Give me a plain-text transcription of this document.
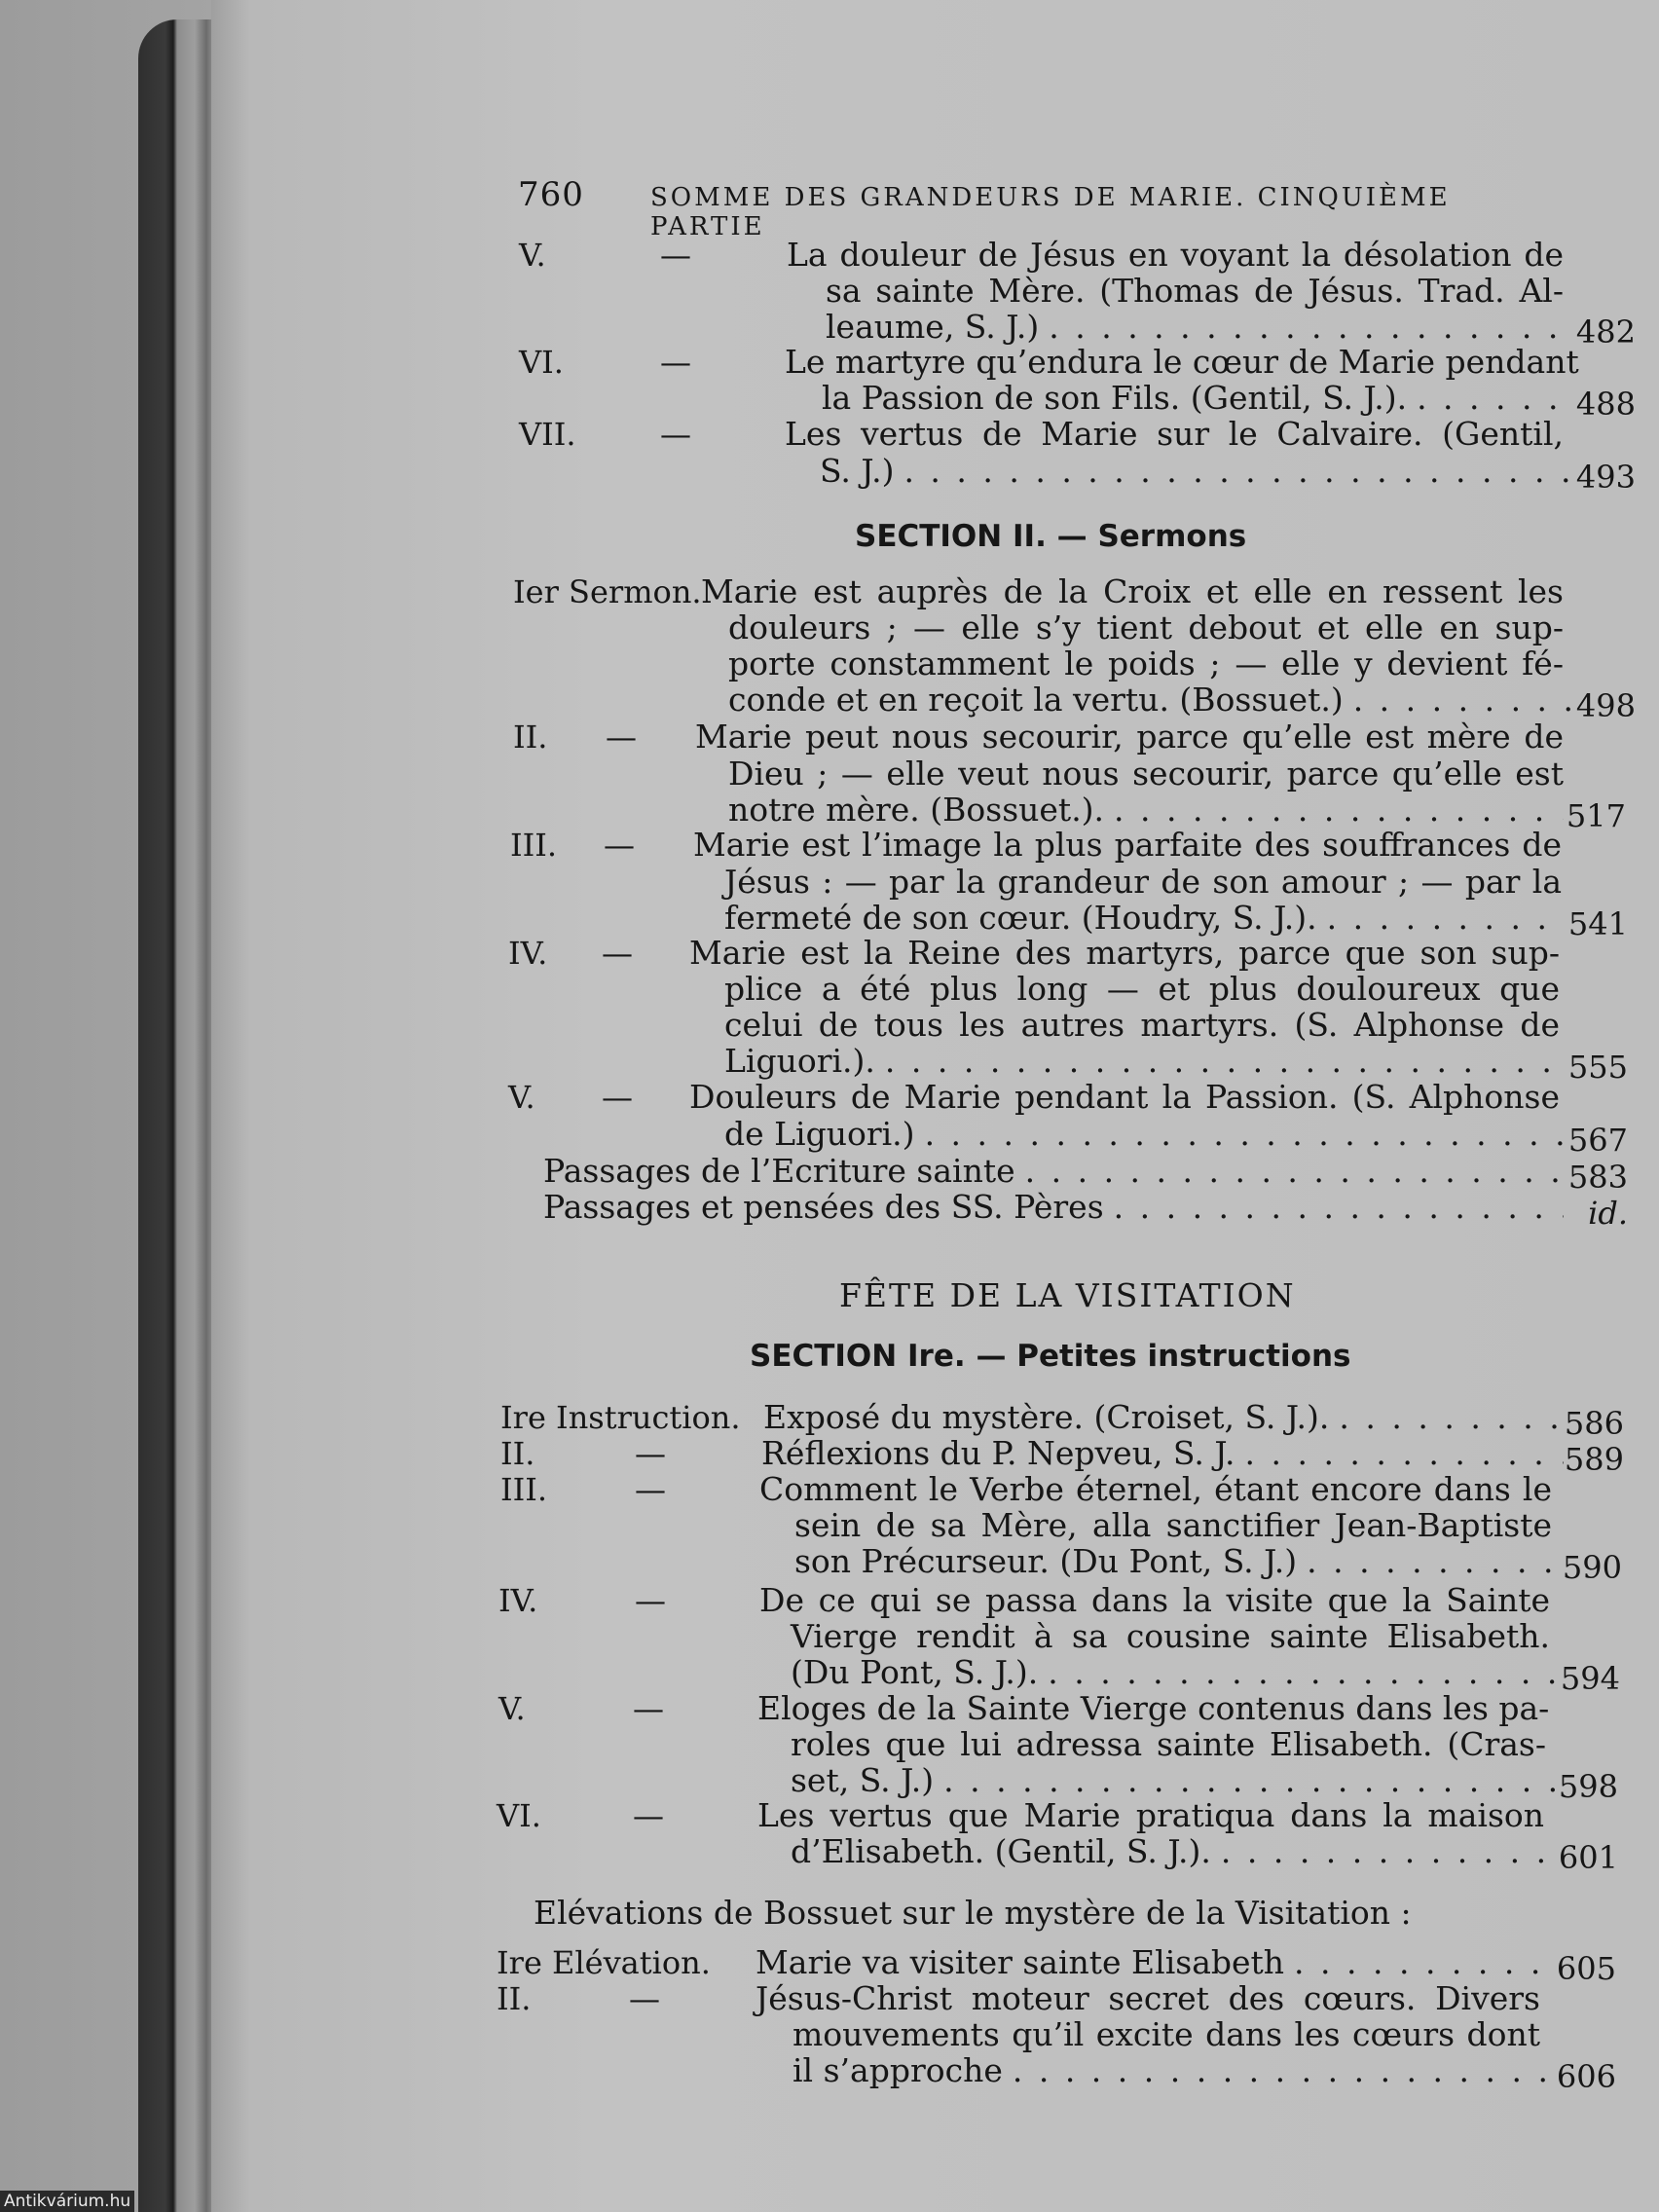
760	SOMME DES GRANDEURS DE MARIE. CINQUIÈME PARTIE
V.	—	La douleur de Jésus en voyant la désolation de
sa sainte Mère. (Thomas de Jésus. Trad. Al-
leaume, S. J.) . . .	482
VI.	—	Le martyre qu’endura le cœur de Marie pendant
la Passion de son Fils. (Gentil, S. J.). . . .	488
VII.	—	Les vertus de Marie sur le Calvaire. (Gentil,
S. J.) . . .	493
SECTION II. — Sermons
Ier Sermon. Marie est auprès de la Croix et elle en ressent les
douleurs ; — elle s’y tient debout et elle en sup-
porte constamment le poids ; — elle y devient fé-
conde et en reçoit la vertu. (Bossuet.) . . .	498
II. — Marie peut nous secourir, parce qu’elle est mère de
Dieu ; — elle veut nous secourir, parce qu’elle est
notre mère. (Bossuet.). . . .	517
III. — Marie est l’image la plus parfaite des souffrances de
Jésus : — par la grandeur de son amour ; — par la
fermeté de son cœur. (Houdry, S. J.). . . .	541
IV. — Marie est la Reine des martyrs, parce que son sup-
plice a été plus long — et plus douloureux que
celui de tous les autres martyrs. (S. Alphonse de
Liguori.). . . .	555
V. — Douleurs de Marie pendant la Passion. (S. Alphonse
de Liguori.) . . .	567
Passages de l’Ecriture sainte . . .	583
Passages et pensées des SS. Pères . . .	id.
FÊTE DE LA VISITATION
SECTION Ire. — Petites instructions
Ire Instruction. Exposé du mystère. (Croiset, S. J.). . . .	586
II.	—	Réflexions du P. Nepveu, S. J. . . .	589
III.	—	Comment le Verbe éternel, étant encore dans le
sein de sa Mère, alla sanctifier Jean-Baptiste
son Précurseur. (Du Pont, S. J.) . . .	590
IV.	—	De ce qui se passa dans la visite que la Sainte
Vierge rendit à sa cousine sainte Elisabeth.
(Du Pont, S. J.). . . .	594
V.	—	Eloges de la Sainte Vierge contenus dans les pa-
roles que lui adressa sainte Elisabeth. (Cras-
set, S. J.) . . .	598
VI.	—	Les vertus que Marie pratiqua dans la maison
d’Elisabeth. (Gentil, S. J.). . . .	601
Elévations de Bossuet sur le mystère de la Visitation :
Ire Elévation. Marie va visiter sainte Elisabeth . . .	605
II.	—	Jésus-Christ moteur secret des cœurs. Divers
mouvements qu’il excite dans les cœurs dont
il s’approche . . .	606
Antikvárium.hu
